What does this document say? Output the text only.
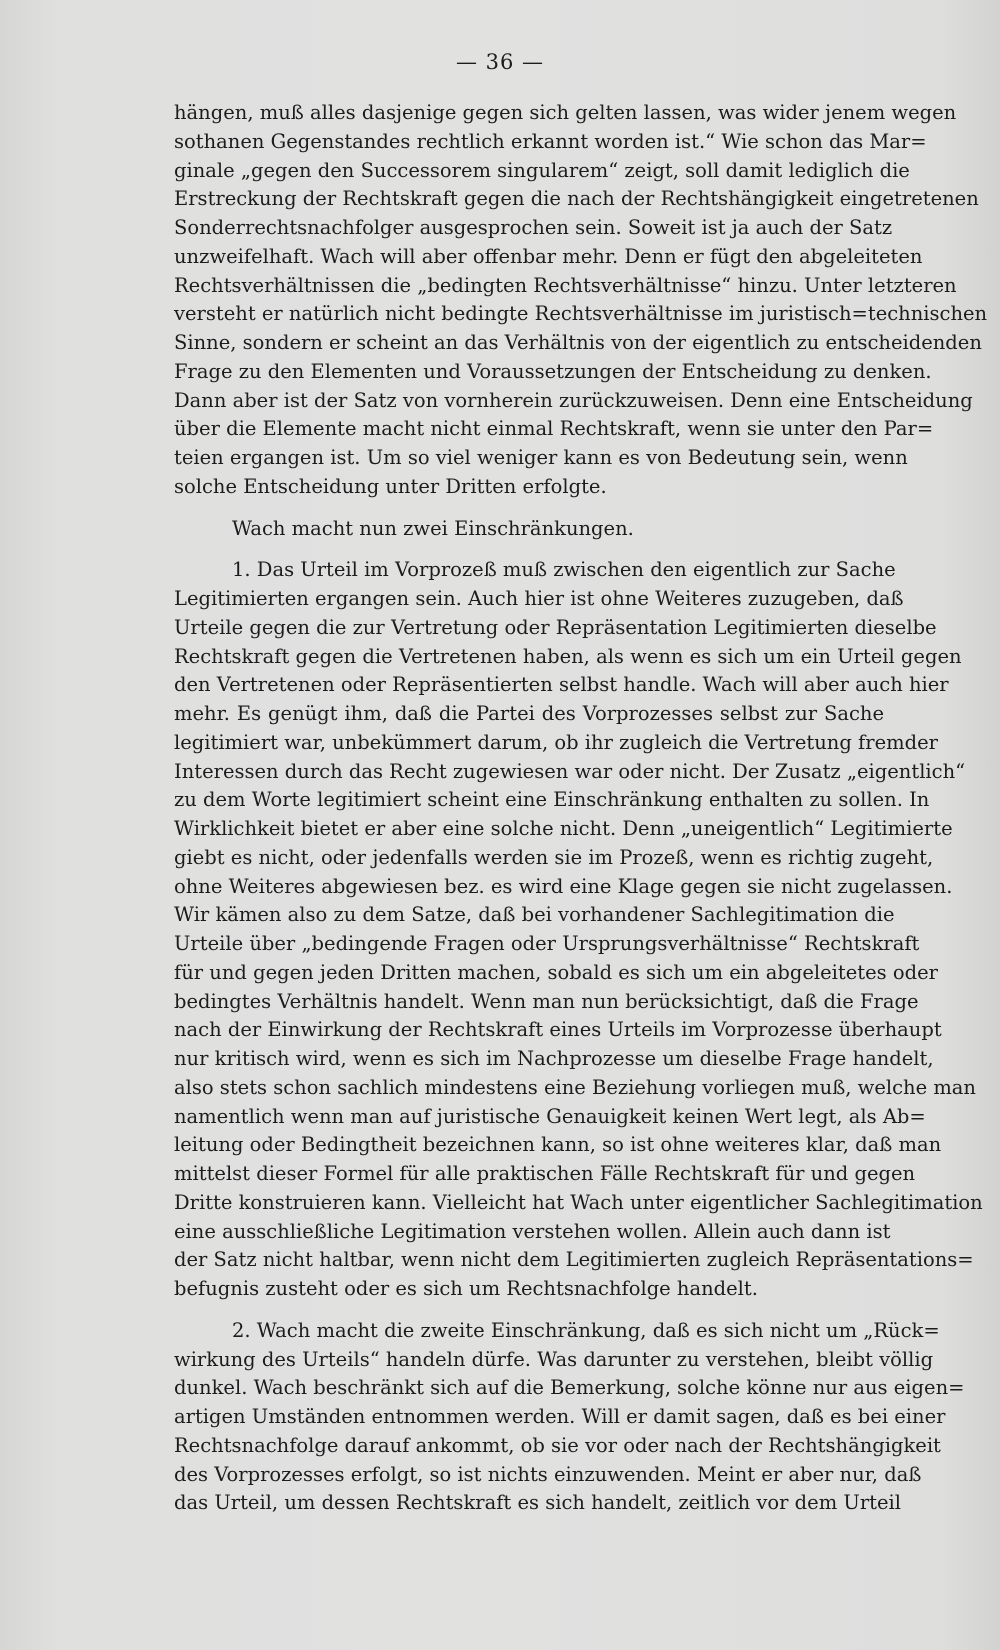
— 36 —
hängen, muß alles dasjenige gegen sich gelten lassen, was wider jenem wegen
sothanen Gegenstandes rechtlich erkannt worden ist.“ Wie schon das Mar=
ginale „gegen den Successorem singularem“ zeigt, soll damit lediglich die
Erstreckung der Rechtskraft gegen die nach der Rechtshängigkeit eingetretenen
Sonderrechtsnachfolger ausgesprochen sein. Soweit ist ja auch der Satz
unzweifelhaft. Wach will aber offenbar mehr. Denn er fügt den abgeleiteten
Rechtsverhältnissen die „bedingten Rechtsverhältnisse“ hinzu. Unter letzteren
versteht er natürlich nicht bedingte Rechtsverhältnisse im juristisch=technischen
Sinne, sondern er scheint an das Verhältnis von der eigentlich zu entscheidenden
Frage zu den Elementen und Voraussetzungen der Entscheidung zu denken.
Dann aber ist der Satz von vornherein zurückzuweisen. Denn eine Entscheidung
über die Elemente macht nicht einmal Rechtskraft, wenn sie unter den Par=
teien ergangen ist. Um so viel weniger kann es von Bedeutung sein, wenn
solche Entscheidung unter Dritten erfolgte.
Wach macht nun zwei Einschränkungen.
1. Das Urteil im Vorprozeß muß zwischen den eigentlich zur Sache
Legitimierten ergangen sein. Auch hier ist ohne Weiteres zuzugeben, daß
Urteile gegen die zur Vertretung oder Repräsentation Legitimierten dieselbe
Rechtskraft gegen die Vertretenen haben, als wenn es sich um ein Urteil gegen
den Vertretenen oder Repräsentierten selbst handle. Wach will aber auch hier
mehr. Es genügt ihm, daß die Partei des Vorprozesses selbst zur Sache
legitimiert war, unbekümmert darum, ob ihr zugleich die Vertretung fremder
Interessen durch das Recht zugewiesen war oder nicht. Der Zusatz „eigentlich“
zu dem Worte legitimiert scheint eine Einschränkung enthalten zu sollen. In
Wirklichkeit bietet er aber eine solche nicht. Denn „uneigentlich“ Legitimierte
giebt es nicht, oder jedenfalls werden sie im Prozeß, wenn es richtig zugeht,
ohne Weiteres abgewiesen bez. es wird eine Klage gegen sie nicht zugelassen.
Wir kämen also zu dem Satze, daß bei vorhandener Sachlegitimation die
Urteile über „bedingende Fragen oder Ursprungsverhältnisse“ Rechtskraft
für und gegen jeden Dritten machen, sobald es sich um ein abgeleitetes oder
bedingtes Verhältnis handelt. Wenn man nun berücksichtigt, daß die Frage
nach der Einwirkung der Rechtskraft eines Urteils im Vorprozesse überhaupt
nur kritisch wird, wenn es sich im Nachprozesse um dieselbe Frage handelt,
also stets schon sachlich mindestens eine Beziehung vorliegen muß, welche man
namentlich wenn man auf juristische Genauigkeit keinen Wert legt, als Ab=
leitung oder Bedingtheit bezeichnen kann, so ist ohne weiteres klar, daß man
mittelst dieser Formel für alle praktischen Fälle Rechtskraft für und gegen
Dritte konstruieren kann. Vielleicht hat Wach unter eigentlicher Sachlegitimation
eine ausschließliche Legitimation verstehen wollen. Allein auch dann ist
der Satz nicht haltbar, wenn nicht dem Legitimierten zugleich Repräsentations=
befugnis zusteht oder es sich um Rechtsnachfolge handelt.
2. Wach macht die zweite Einschränkung, daß es sich nicht um „Rück=
wirkung des Urteils“ handeln dürfe. Was darunter zu verstehen, bleibt völlig
dunkel. Wach beschränkt sich auf die Bemerkung, solche könne nur aus eigen=
artigen Umständen entnommen werden. Will er damit sagen, daß es bei einer
Rechtsnachfolge darauf ankommt, ob sie vor oder nach der Rechtshängigkeit
des Vorprozesses erfolgt, so ist nichts einzuwenden. Meint er aber nur, daß
das Urteil, um dessen Rechtskraft es sich handelt, zeitlich vor dem Urteil
